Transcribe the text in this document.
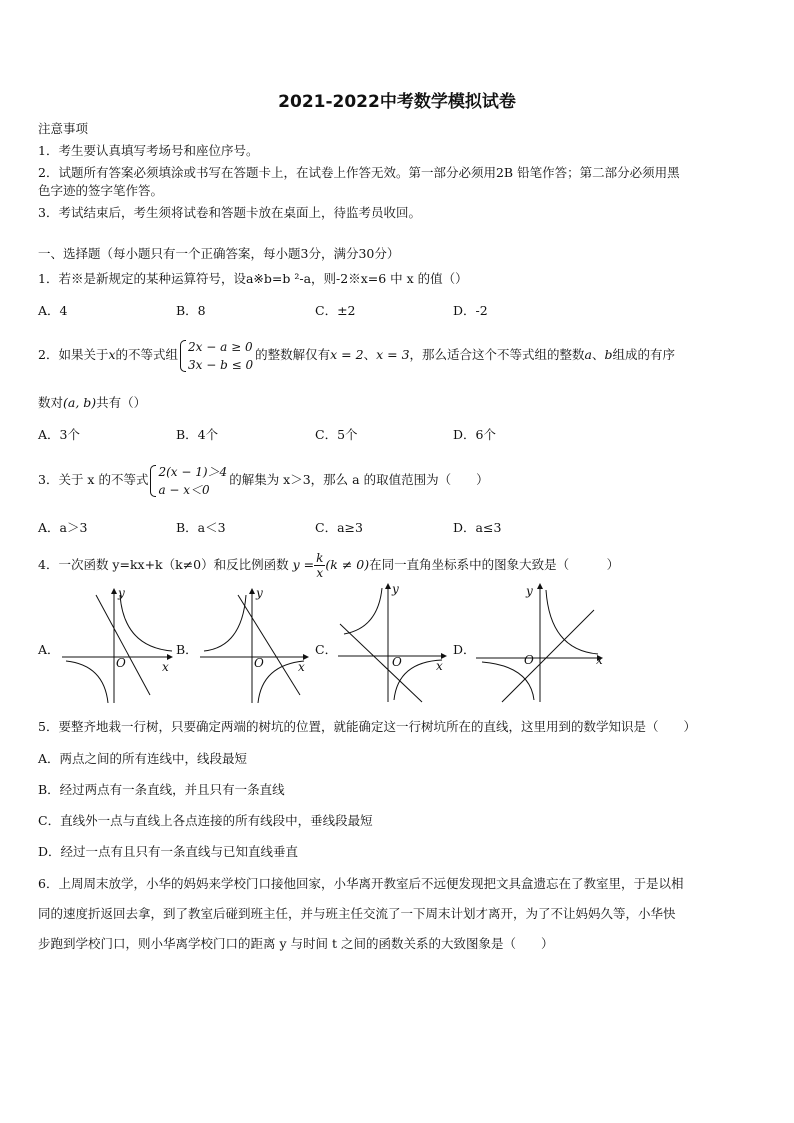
2021-2022中考数学模拟试卷
注意事项
1．考生要认真填写考场号和座位序号。
2．试题所有答案必须填涂或书写在答题卡上，在试卷上作答无效。第一部分必须用2B 铅笔作答；第二部分必须用黑
色字迹的签字笔作答。
3．考试结束后，考生须将试卷和答题卡放在桌面上，待监考员收回。
一、选择题（每小题只有一个正确答案，每小题3分，满分30分）
1．若※是新规定的某种运算符号，设a※b=b ²-a，则-2※x=6 中 x 的值（）
A．4	B．8	C．±2	D．-2
2．如果关于x的不等式组
2x − a ≥ 0
3x − b ≤ 0
的整数解仅有x = 2、x = 3，那么适合这个不等式组的整数a、b组成的有序
数对(a, b)共有（）
A．3个	B．4个	C．5个	D．6个
3．关于 x 的不等式
2(x − 1)＞4
a − x＜0
的解集为 x＞3，那么 a 的取值范围为（　　）
A．a＞3	B．a＜3	C．a≥3	D．a≤3
4．一次函数 y=kx+k（k≠0）和反比例函数 $y = \frac{k}{x} (k \ne 0)$在同一直角坐标系中的图象大致是（　　　）
A．	B．	C．	D．
y
x
O
y
x
O
y
x
O
y
x
O
5．要整齐地栽一行树，只要确定两端的树坑的位置，就能确定这一行树坑所在的直线，这里用到的数学知识是（　　）
A．两点之间的所有连线中，线段最短
B．经过两点有一条直线，并且只有一条直线
C．直线外一点与直线上各点连接的所有线段中，垂线段最短
D．经过一点有且只有一条直线与已知直线垂直
6．上周周末放学，小华的妈妈来学校门口接他回家，小华离开教室后不远便发现把文具盒遗忘在了教室里，于是以相
同的速度折返回去拿，到了教室后碰到班主任，并与班主任交流了一下周末计划才离开，为了不让妈妈久等，小华快
步跑到学校门口，则小华离学校门口的距离 y 与时间 t 之间的函数关系的大致图象是（　　）
